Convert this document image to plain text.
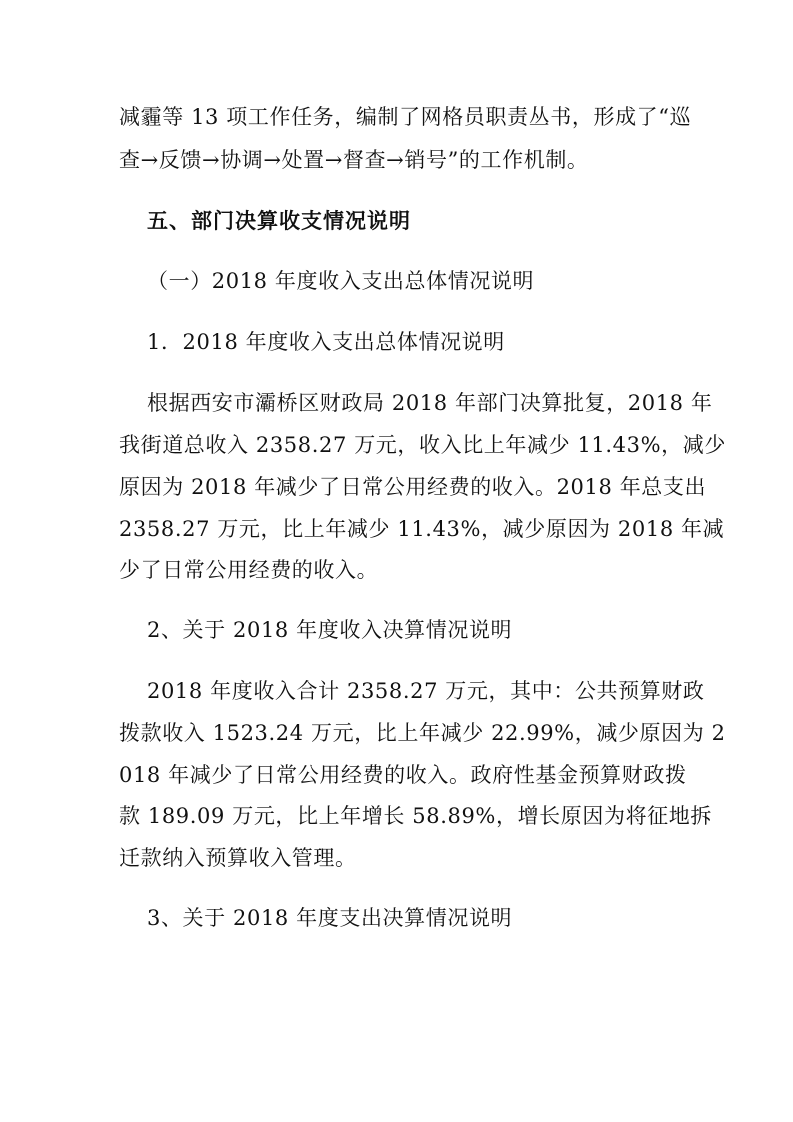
减霾等 13 项工作任务，编制了网格员职责丛书，形成了“巡
查→反馈→协调→处置→督查→销号”的工作机制。
五、部门决算收支情况说明
（一）2018 年度收入支出总体情况说明
1．2018 年度收入支出总体情况说明
根据西安市灞桥区财政局 2018 年部门决算批复，2018 年
我街道总收入 2358.27 万元，收入比上年减少 11.43%，减少
原因为 2018 年减少了日常公用经费的收入。2018 年总支出
2358.27 万元，比上年减少 11.43%，减少原因为 2018 年减
少了日常公用经费的收入。
2、关于 2018 年度收入决算情况说明
2018 年度收入合计 2358.27 万元，其中：公共预算财政
拨款收入 1523.24 万元，比上年减少 22.99%，减少原因为 2
018 年减少了日常公用经费的收入。政府性基金预算财政拨
款 189.09 万元，比上年增长 58.89%，增长原因为将征地拆
迁款纳入预算收入管理。
3、关于 2018 年度支出决算情况说明
